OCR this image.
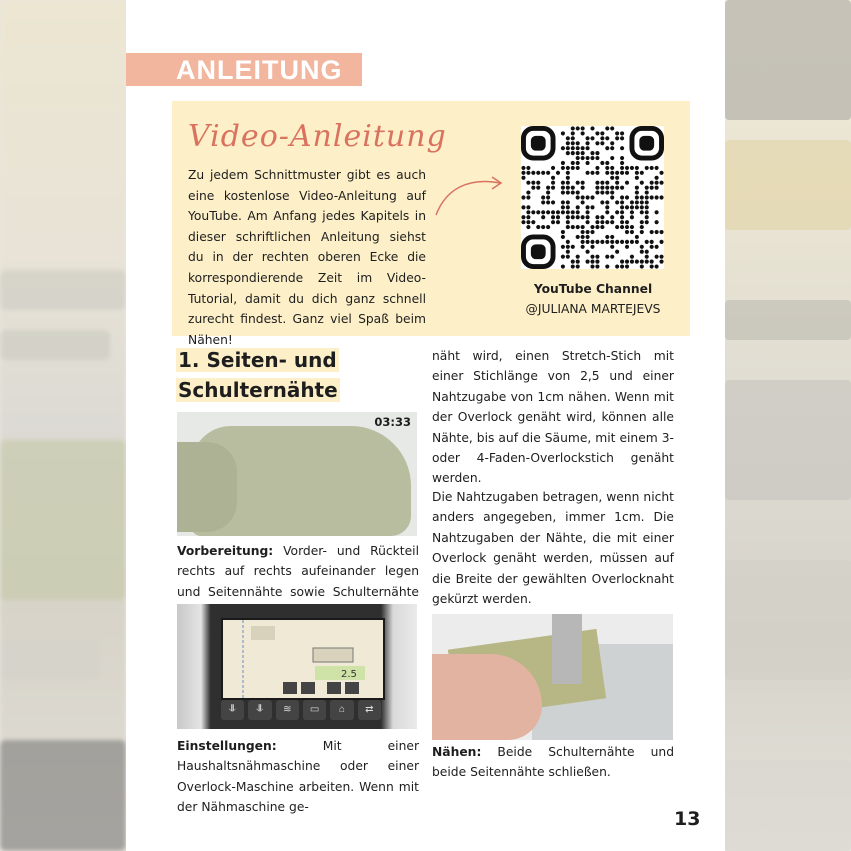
ANLEITUNG
Video-Anleitung
Zu jedem Schnittmuster gibt es auch eine kostenlose Video-Anleitung auf YouTube. Am Anfang jedes Kapitels in dieser schriftlichen Anleitung siehst du in der rechten oberen Ecke die korrespondierende Zeit im Video-Tutorial, damit du dich ganz schnell zurecht findest. Ganz viel Spaß beim Nähen!
YouTube Channel
@JULIANA MARTEJEVS
1. Seiten- und
Schulternähte
03:33
Vorbereitung: Vorder- und Rückteil rechts auf rechts aufeinander legen und Seitennähte sowie Schulternähte
2.5
⥥	⥥	≋	▭	⌂	⇄
Einstellungen: Mit einer Haushaltsnähmaschine oder einer Overlock-Maschine arbeiten. Wenn mit der Nähmaschine ge-
näht wird, einen Stretch-Stich mit einer Stichlänge von 2,5 und einer Nahtzugabe von 1cm nähen. Wenn mit der Overlock genäht wird, können alle Nähte, bis auf die Säume, mit einem 3- oder 4-Faden-Overlockstich genäht werden.
Die Nahtzugaben betragen, wenn nicht anders angegeben, immer 1cm. Die Nahtzugaben der Nähte, die mit einer Overlock genäht werden, müssen auf die Breite der gewählten Overlocknaht gekürzt werden.
Nähen: Beide Schulternähte und beide Seitennähte schließen.
13
